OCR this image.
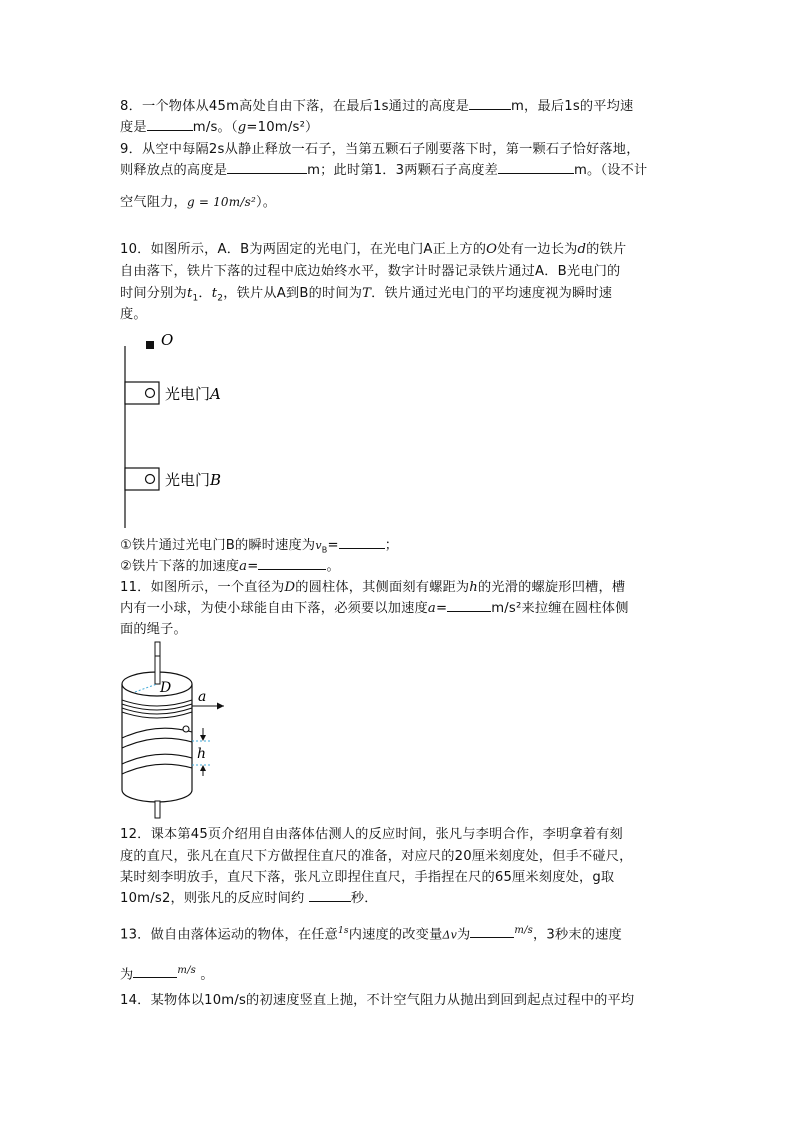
8．一个物体从45m高处自由下落，在最后1s通过的高度是	m，最后1s的平均速
度是	m/s。（g=10m/s²）
9．从空中每隔2s从静止释放一石子，当第五颗石子刚要落下时，第一颗石子恰好落地，
则释放点的高度是	m；此时第1．3两颗石子高度差	m。（设不计
空气阻力，g = 10m/s²）。
10．如图所示，A．B为两固定的光电门，在光电门A正上方的O处有一边长为d的铁片
自由落下，铁片下落的过程中底边始终水平，数字计时器记录铁片通过A．B光电门的
时间分别为$t_1$．$t_2$，铁片从A到B的时间为T．铁片通过光电门的平均速度视为瞬时速
度。
O
光电门A
光电门B
①铁片通过光电门B的瞬时速度为$v_B=$	；
②铁片下落的加速度a=	。
11．如图所示，一个直径为D的圆柱体，其侧面刻有螺距为h的光滑的螺旋形凹槽，槽
内有一小球，为使小球能自由下落，必须要以加速度a=	m/s²来拉缠在圆柱体侧
面的绳子。
D
a
h
12．课本第45页介绍用自由落体估测人的反应时间，张凡与李明合作，李明拿着有刻
度的直尺，张凡在直尺下方做捏住直尺的准备，对应尺的20厘米刻度处，但手不碰尺，
某时刻李明放手，直尺下落，张凡立即捏住直尺，手指捏在尺的65厘米刻度处，g取
10m/s2，则张凡的反应时间约	秒．
13．做自由落体运动的物体，在任意$^{1s}$内速度的改变量Δv为	$^{m/s}$，3秒末的速度
为	$^{m/s}$ 。
14．某物体以10m/s的初速度竖直上抛，不计空气阻力从抛出到回到起点过程中的平均
